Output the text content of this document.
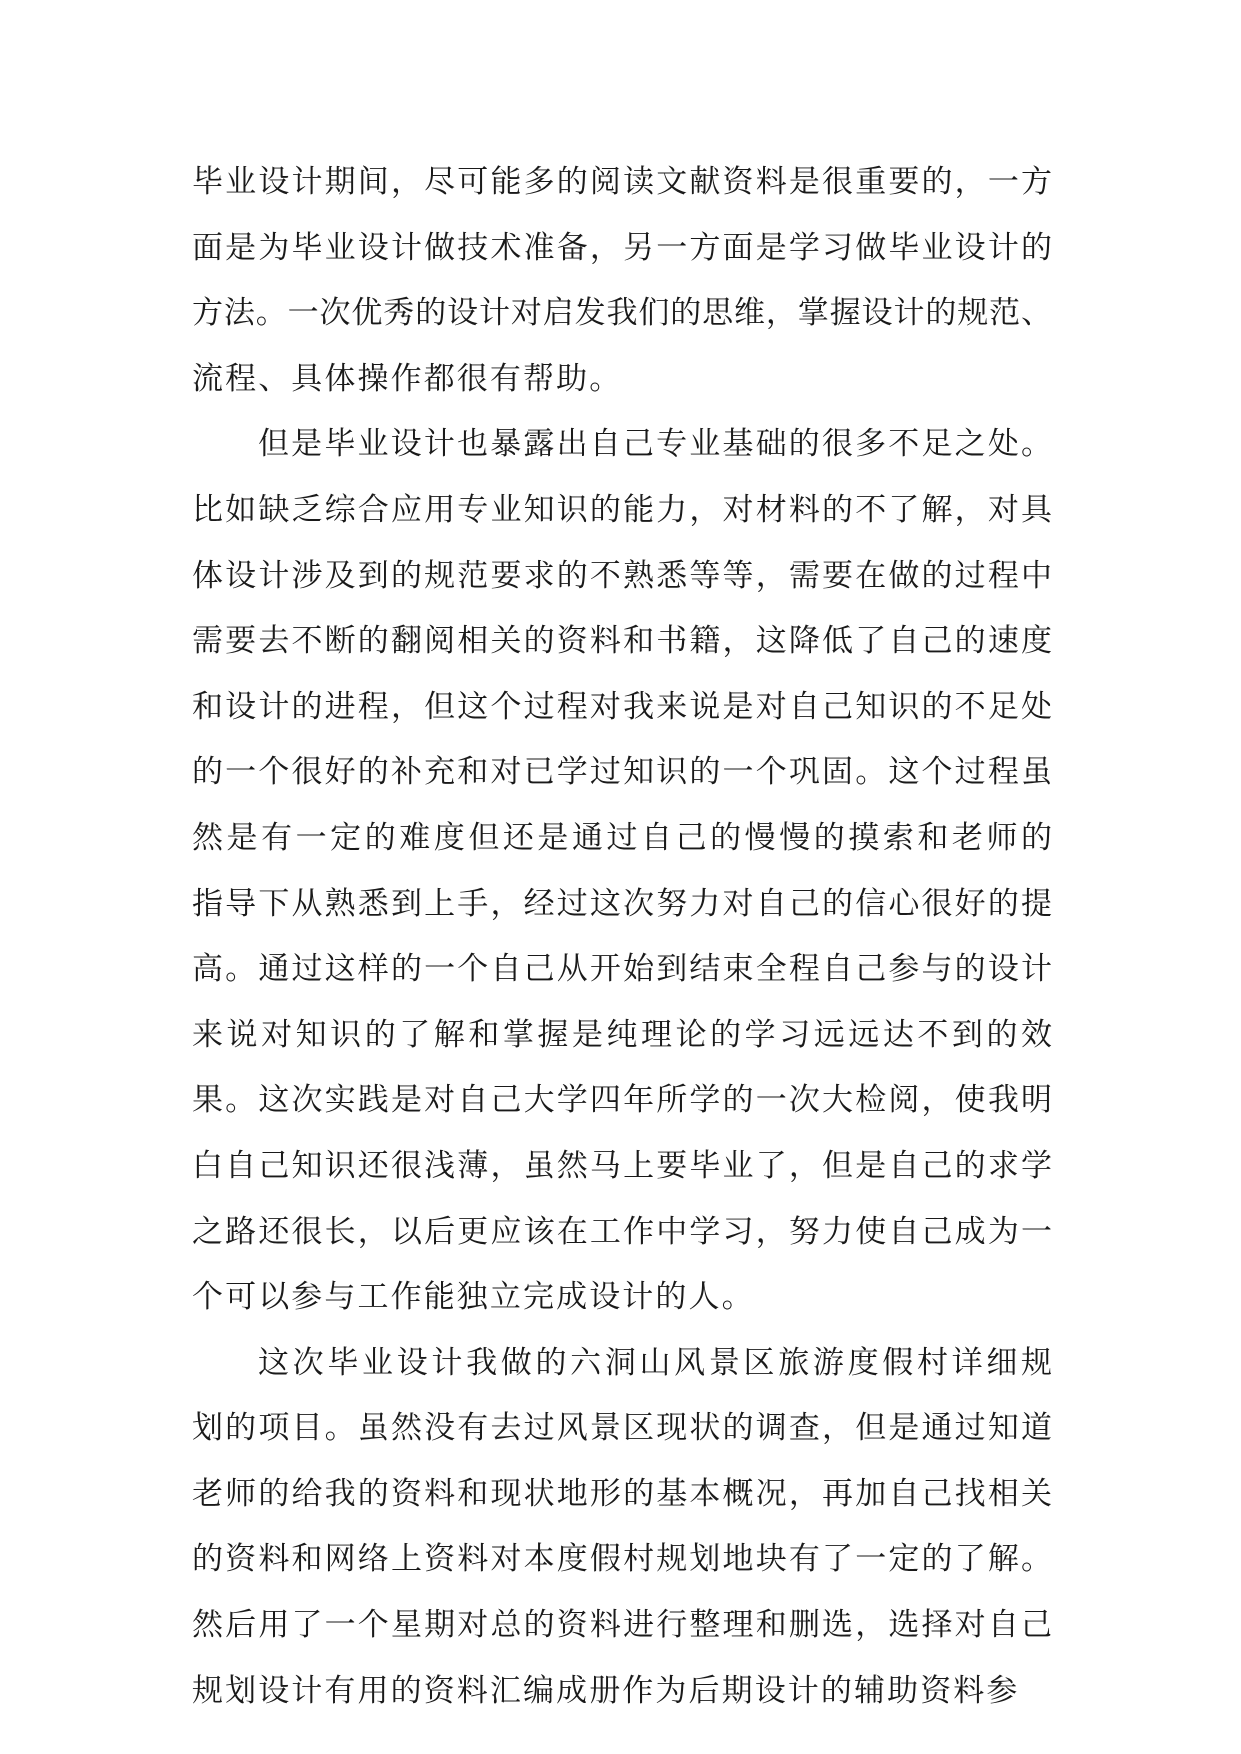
毕业设计期间，尽可能多的阅读文献资料是很重要的，一方
面是为毕业设计做技术准备，另一方面是学习做毕业设计的
方法。一次优秀的设计对启发我们的思维，掌握设计的规范、
流程、具体操作都很有帮助。
但是毕业设计也暴露出自己专业基础的很多不足之处。
比如缺乏综合应用专业知识的能力，对材料的不了解，对具
体设计涉及到的规范要求的不熟悉等等，需要在做的过程中
需要去不断的翻阅相关的资料和书籍，这降低了自己的速度
和设计的进程，但这个过程对我来说是对自己知识的不足处
的一个很好的补充和对已学过知识的一个巩固。这个过程虽
然是有一定的难度但还是通过自己的慢慢的摸索和老师的
指导下从熟悉到上手，经过这次努力对自己的信心很好的提
高。通过这样的一个自己从开始到结束全程自己参与的设计
来说对知识的了解和掌握是纯理论的学习远远达不到的效
果。这次实践是对自己大学四年所学的一次大检阅，使我明
白自己知识还很浅薄，虽然马上要毕业了，但是自己的求学
之路还很长，以后更应该在工作中学习，努力使自己成为一
个可以参与工作能独立完成设计的人。
这次毕业设计我做的六洞山风景区旅游度假村详细规
划的项目。虽然没有去过风景区现状的调查，但是通过知道
老师的给我的资料和现状地形的基本概况，再加自己找相关
的资料和网络上资料对本度假村规划地块有了一定的了解。
然后用了一个星期对总的资料进行整理和删选，选择对自己
规划设计有用的资料汇编成册作为后期设计的辅助资料参
